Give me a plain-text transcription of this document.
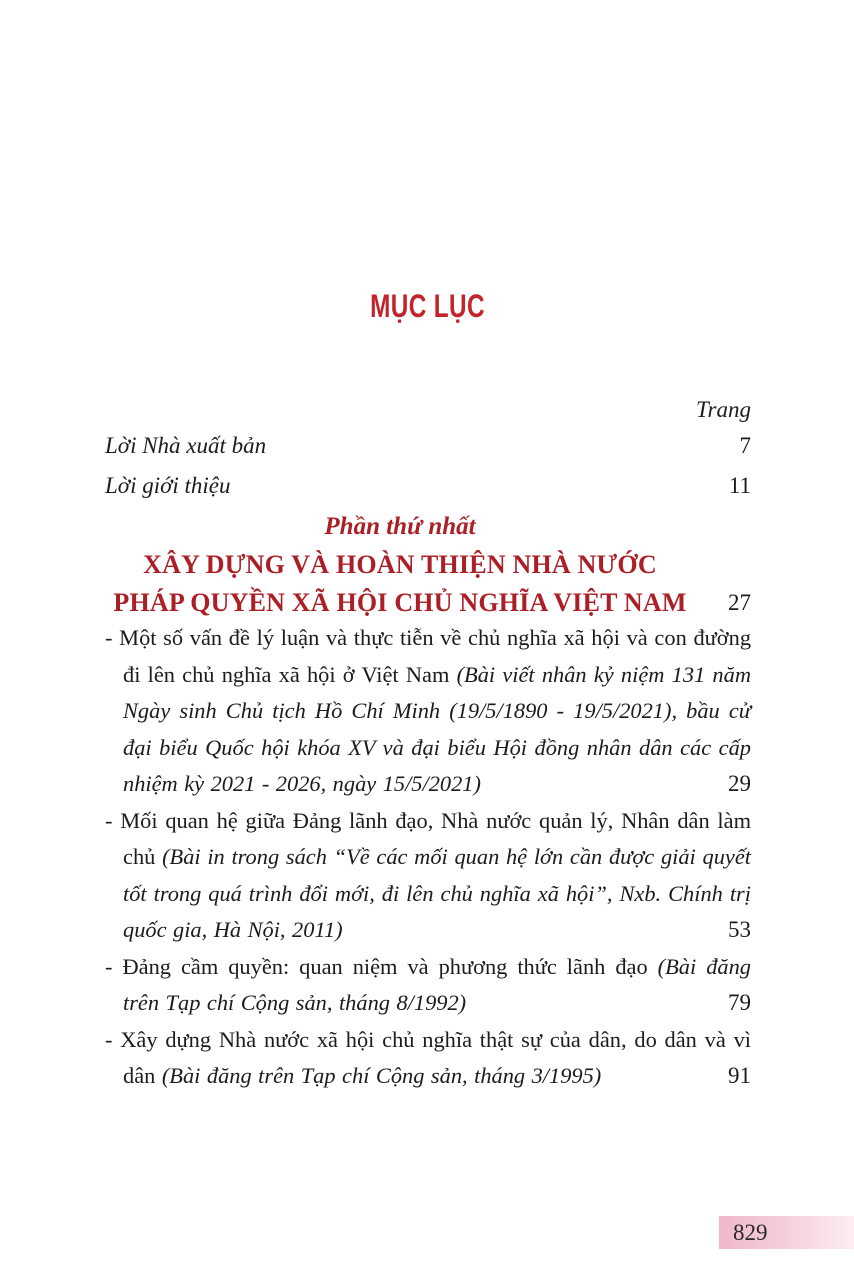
MỤC LỤC
Trang
Lời Nhà xuất bản	7
Lời giới thiệu	11
Phần thứ nhất
XÂY DỰNG VÀ HOÀN THIỆN NHÀ NƯỚC
PHÁP QUYỀN XÃ HỘI CHỦ NGHĨA VIỆT NAM	27

- Một số vấn đề lý luận và thực tiễn về chủ nghĩa xã hội và con đường đi lên chủ nghĩa xã hội ở Việt Nam (Bài viết nhân kỷ niệm 131 năm Ngày sinh Chủ tịch Hồ Chí Minh (19/5/1890 - 19/5/2021), bầu cử đại biểu Quốc hội khóa XV và đại biểu Hội đồng nhân dân các cấp nhiệm kỳ 2021 - 2026, ngày 15/5/2021)	29

- Mối quan hệ giữa Đảng lãnh đạo, Nhà nước quản lý, Nhân dân làm chủ (Bài in trong sách “Về các mối quan hệ lớn cần được giải quyết tốt trong quá trình đổi mới, đi lên chủ nghĩa xã hội”, Nxb. Chính trị quốc gia, Hà Nội, 2011)	53

- Đảng cầm quyền: quan niệm và phương thức lãnh đạo (Bài đăng trên Tạp chí Cộng sản, tháng 8/1992)	79

- Xây dựng Nhà nước xã hội chủ nghĩa thật sự của dân, do dân và vì dân (Bài đăng trên Tạp chí Cộng sản, tháng 3/1995)	91

829
